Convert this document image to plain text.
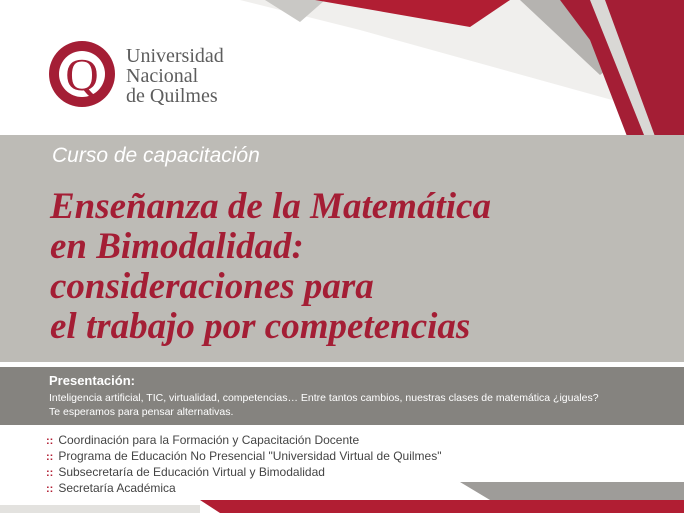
Q Universidad
Nacional
de Quilmes
Curso de capacitación
Enseñanza de la Matemática
en Bimodalidad:
consideraciones para
el trabajo por competencias
Presentación:
Inteligencia artificial, TIC, virtualidad, competencias… Entre tantos cambios, nuestras clases de matemática ¿iguales?
Te esperamos para pensar alternativas.
:: Coordinación para la Formación y Capacitación Docente
:: Programa de Educación No Presencial "Universidad Virtual de Quilmes"
:: Subsecretaría de Educación Virtual y Bimodalidad
:: Secretaría Académica
